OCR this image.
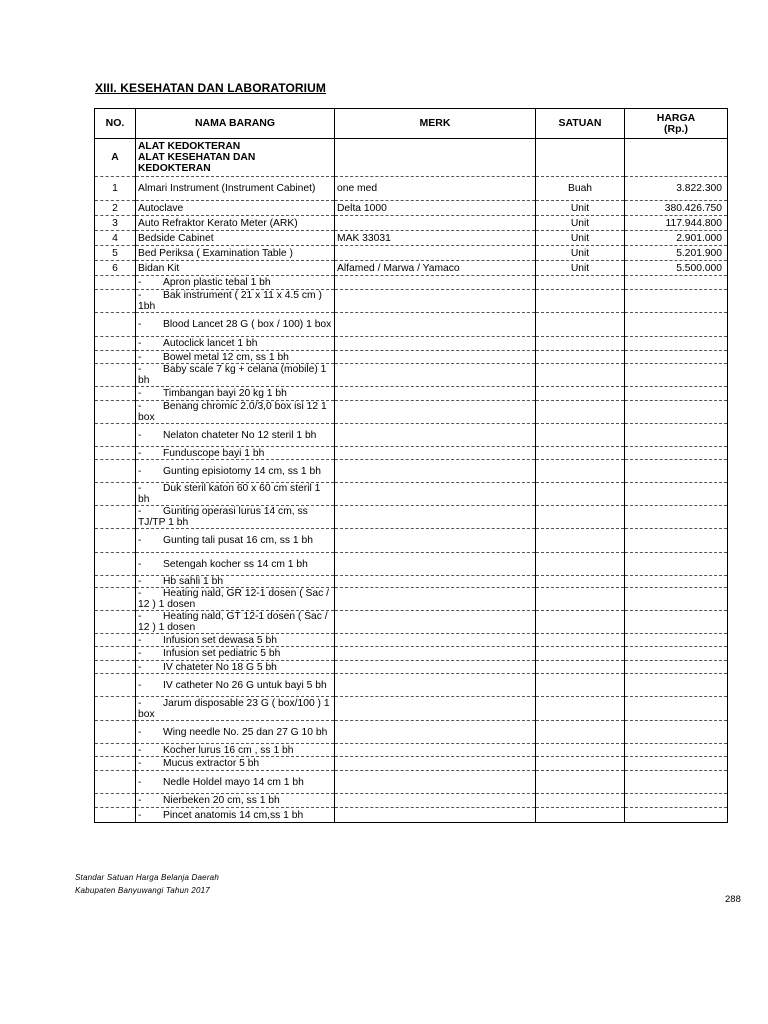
XIII. KESEHATAN DAN LABORATORIUM
NO.	NAMA BARANG	MERK	SATUAN	HARGA
(Rp.)

A	ALAT KEDOKTERAN
ALAT KESEHATAN DAN
KEDOKTERAN			

1	Almari Instrument (Instrument Cabinet)	one med	Buah	3.822.300
2	Autoclave	Delta 1000	Unit	380.426.750
3	Auto Refraktor Kerato Meter (ARK)		Unit	117.944.800
4	Bedside Cabinet	MAK 33031	Unit	2.901.000
5	Bed Periksa ( Examination Table )		Unit	5.201.900
6	Bidan Kit	Alfamed / Marwa / Yamaco	Unit	5.500.000
	- Apron plastic tebal 1 bh			
	- Bak instrument ( 21 x 11 x 4.5 cm ) 1bh			
	- Blood Lancet 28 G ( box / 100) 1 box			
	- Autoclick lancet 1 bh			
	- Bowel metal 12 cm, ss 1 bh			
	- Baby scale 7 kg + celana (mobile) 1 bh			
	- Timbangan bayi 20 kg 1 bh			
	- Benang chromic 2.0/3,0 box isi 12 1 box			
	- Nelaton chateter No 12 steril 1 bh			
	- Funduscope bayi 1 bh			
	- Gunting episiotomy 14 cm, ss 1 bh			
	- Duk steril katon 60 x 60 cm steril 1 bh			
	- Gunting operasi lurus 14 cm, ss TJ/TP 1 bh			
	- Gunting tali pusat 16 cm, ss 1 bh			
	- Setengah kocher ss 14 cm 1 bh			
	- Hb sahli 1 bh			
	- Heating nald, GR 12-1 dosen ( Sac / 12 ) 1 dosen			
	- Heating nald, GT 12-1 dosen ( Sac / 12 ) 1 dosen			
	- Infusion set dewasa 5 bh			
	- Infusion set pediatric 5 bh			
	- IV chateter No 18 G 5 bh			
	- IV catheter No 26 G untuk bayi 5 bh			
	- Jarum disposable 23 G ( box/100 ) 1 box			
	- Wing needle No. 25 dan 27 G 10 bh			
	- Kocher lurus 16 cm , ss 1 bh			
	- Mucus extractor 5 bh			
	- Nedle Holdel mayo 14 cm 1 bh			
	- Nierbeken 20 cm, ss 1 bh			
	- Pincet anatomis 14 cm,ss 1 bh			
Standar Satuan Harga Belanja Daerah
Kabupaten Banyuwangi Tahun 2017
288
